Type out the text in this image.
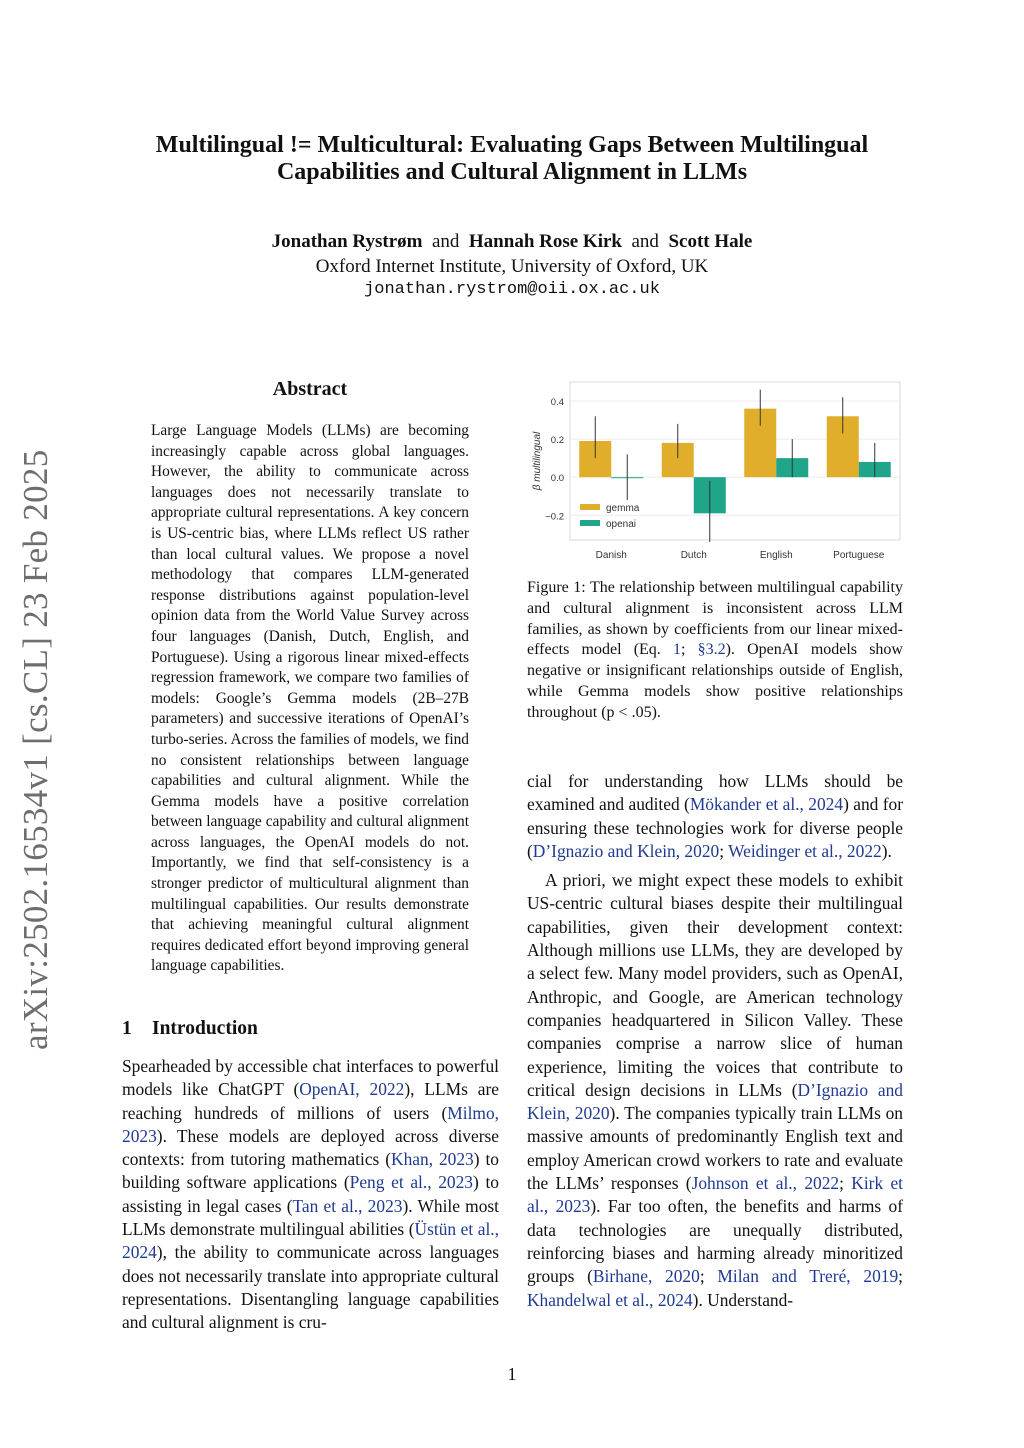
Multilingual != Multicultural: Evaluating Gaps Between Multilingual
Capabilities and Cultural Alignment in LLMs
Jonathan Rystrøm and Hannah Rose Kirk and Scott Hale
Oxford Internet Institute, University of Oxford, UK
jonathan.rystrom@oii.ox.ac.uk
arXiv:2502.16534v1 [cs.CL] 23 Feb 2025
Abstract
Large Language Models (LLMs) are becoming increasingly capable across global languages. However, the ability to communicate across languages does not necessarily translate to appropriate cultural representations. A key concern is US-centric bias, where LLMs reflect US rather than local cultural values. We propose a novel methodology that compares LLM-generated response distributions against population-level opinion data from the World Value Survey across four languages (Danish, Dutch, English, and Portuguese). Using a rigorous linear mixed-effects regression framework, we compare two families of models: Google’s Gemma models (2B–27B parameters) and successive iterations of OpenAI’s turbo-series. Across the families of models, we find no consistent relationships between language capabilities and cultural alignment. While the Gemma models have a positive correlation between language capability and cultural alignment across languages, the OpenAI models do not. Importantly, we find that self-consistency is a stronger predictor of multicultural alignment than multilingual capabilities. Our results demonstrate that achieving meaningful cultural alignment requires dedicated effort beyond improving general language capabilities.
1 Introduction
Spearheaded by accessible chat interfaces to powerful models like ChatGPT (OpenAI, 2022), LLMs are reaching hundreds of millions of users (Milmo, 2023). These models are deployed across diverse contexts: from tutoring mathematics (Khan, 2023) to building software applications (Peng et al., 2023) to assisting in legal cases (Tan et al., 2023). While most LLMs demonstrate multilingual abilities (Üstün et al., 2024), the ability to communicate across languages does not necessarily translate into appropriate cultural representations. Disentangling language capabilities and cultural alignment is cru-
0.4
0.2
0.0
−0.2
β multilingual
Danish	Dutch	English	Portuguese
gemma
openai
Figure 1: The relationship between multilingual capability and cultural alignment is inconsistent across LLM families, as shown by coefficients from our linear mixed-effects model (Eq. 1; §3.2). OpenAI models show negative or insignificant relationships outside of English, while Gemma models show positive relationships throughout (p < .05).

cial for understanding how LLMs should be examined and audited (Mökander et al., 2024) and for ensuring these technologies work for diverse people (D’Ignazio and Klein, 2020; Weidinger et al., 2022).

A priori, we might expect these models to exhibit US-centric cultural biases despite their multilingual capabilities, given their development context: Although millions use LLMs, they are developed by a select few. Many model providers, such as OpenAI, Anthropic, and Google, are American technology companies headquartered in Silicon Valley. These companies comprise a narrow slice of human experience, limiting the voices that contribute to critical design decisions in LLMs (D’Ignazio and Klein, 2020). The companies typically train LLMs on massive amounts of predominantly English text and employ American crowd workers to rate and evaluate the LLMs’ responses (Johnson et al., 2022; Kirk et al., 2023). Far too often, the benefits and harms of data technologies are unequally distributed, reinforcing biases and harming already minoritized groups (Birhane, 2020; Milan and Treré, 2019; Khandelwal et al., 2024). Understand-

1
